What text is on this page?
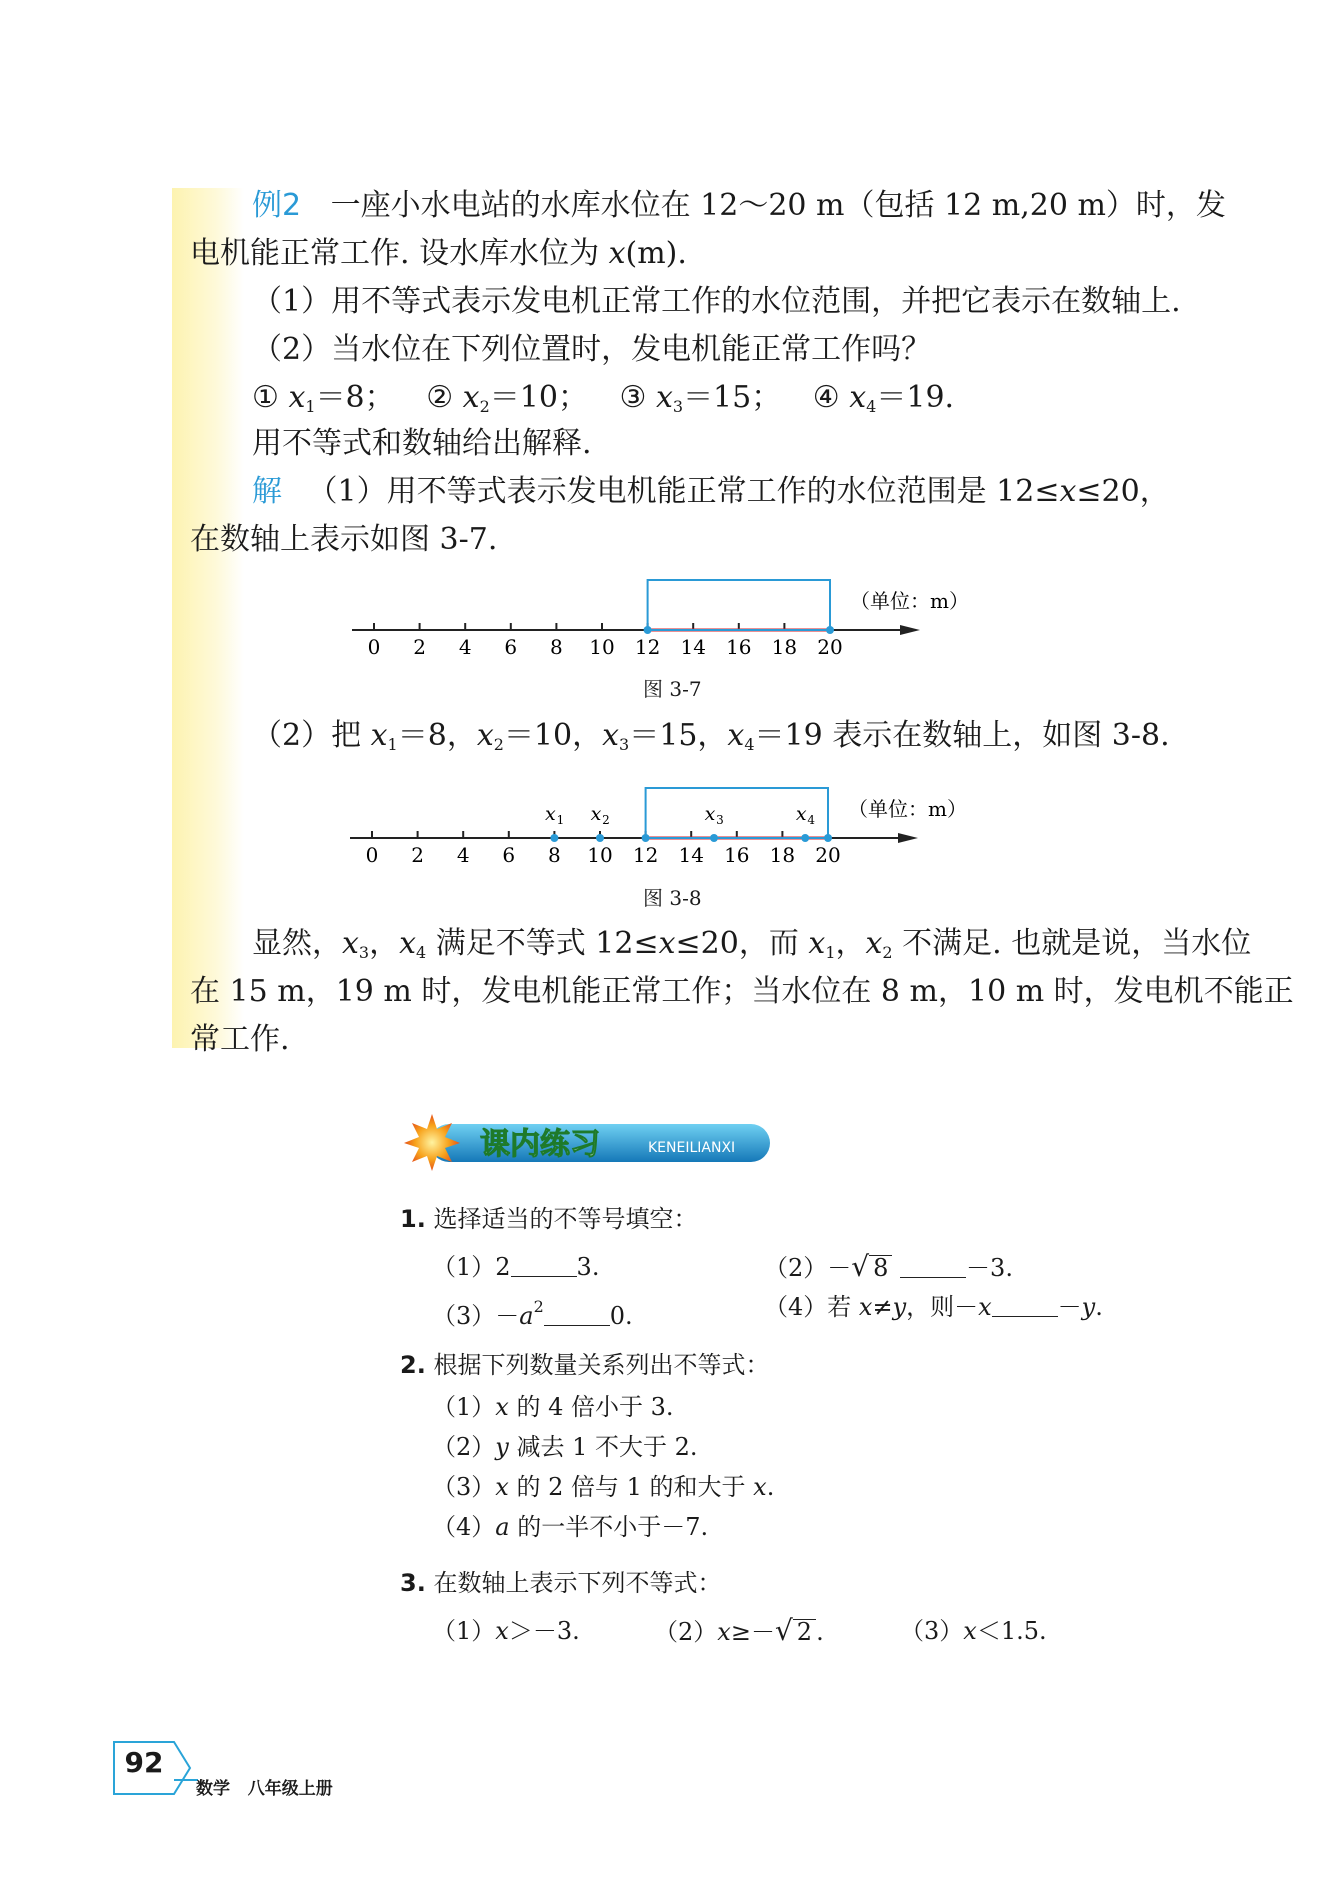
例2 一座小水电站的水库水位在 12～20 m（包括 12 m,20 m）时，发
电机能正常工作. 设水库水位为 x(m).
（1）用不等式表示发电机正常工作的水位范围，并把它表示在数轴上.
（2）当水位在下列位置时，发电机能正常工作吗？
① $x_1=8$； ② $x_2=10$； ③ $x_3=15$； ④ $x_4=19$.
用不等式和数轴给出解释.
解 （1）用不等式表示发电机能正常工作的水位范围是 12≤x≤20，
在数轴上表示如图 3-7.
0 2 4 6 8 10 12 14 16 18 20
（单位：m）
图 3-7
（2）把 $x_1=8$，$x_2=10$，$x_3=15$，$x_4=19$ 表示在数轴上，如图 3-8.
0 2 4 6 8 10 12 14 16 18 20
x 1 x 2	x 3	x 4 （单位：m）
图 3-8
显然，$x_3$，$x_4$ 满足不等式 12≤x≤20，而 $x_1$，$x_2$ 不满足. 也就是说，当水位
在 15 m，19 m 时，发电机能正常工作；当水位在 8 m，10 m 时，发电机不能正
常工作.
课内练习	KENEILIANXI
1. 选择适当的不等号填空：
（1）2	3.	（2）－√ 8	－3.
$(3)-a^2$	0.	（4）若 x≠y，则－x	－y.
2. 根据下列数量关系列出不等式：
（1）x 的 4 倍小于 3.
（2）y 减去 1 不大于 2.
（3）x 的 2 倍与 1 的和大于 x.
（4）a 的一半不小于－7.
3. 在数轴上表示下列不等式：
（1）x＞－3.	（2）x≥－√ 2 .	（3）x＜1.5.
92
数学 八年级上册
